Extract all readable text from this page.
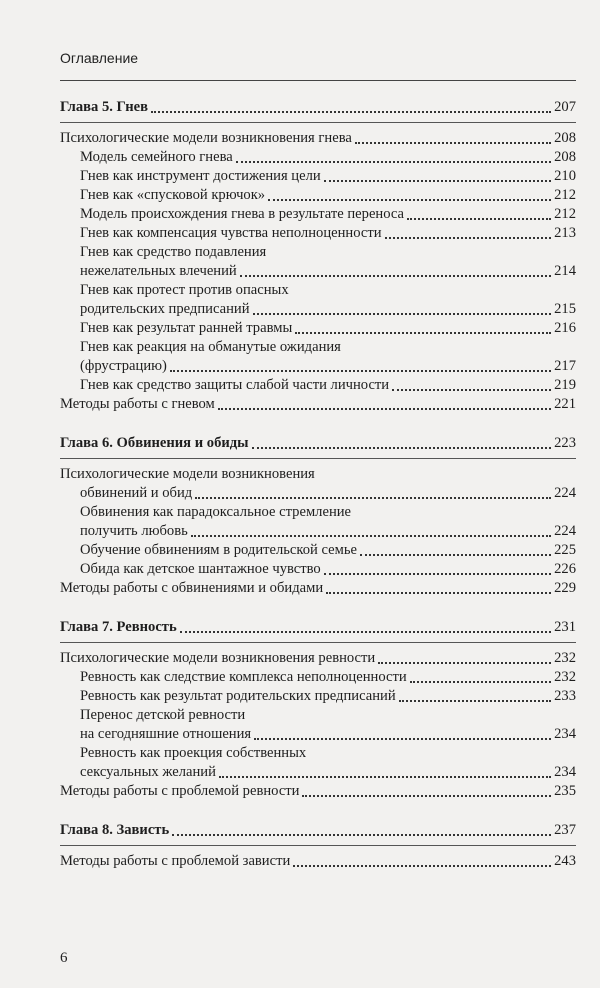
Оглавление
Глава 5. Гнев	207
Психологические модели возникновения гнева	208
Модель семейного гнева	208
Гнев как инструмент достижения цели	210
Гнев как «спусковой крючок»	212
Модель происхождения гнева в результате переноса	212
Гнев как компенсация чувства неполноценности	213
Гнев как средство подавления
нежелательных влечений	214
Гнев как протест против опасных
родительских предписаний	215
Гнев как результат ранней травмы	216
Гнев как реакция на обманутые ожидания
(фрустрацию)	217
Гнев как средство защиты слабой части личности	219
Методы работы с гневом	221
Глава 6. Обвинения и обиды	223
Психологические модели возникновения
обвинений и обид	224
Обвинения как парадоксальное стремление
получить любовь	224
Обучение обвинениям в родительской семье	225
Обида как детское шантажное чувство	226
Методы работы с обвинениями и обидами	229
Глава 7. Ревность	231
Психологические модели возникновения ревности	232
Ревность как следствие комплекса неполноценности	232
Ревность как результат родительских предписаний	233
Перенос детской ревности
на сегодняшние отношения	234
Ревность как проекция собственных
сексуальных желаний	234
Методы работы с проблемой ревности	235
Глава 8. Зависть	237
Методы работы с проблемой зависти	243
6
